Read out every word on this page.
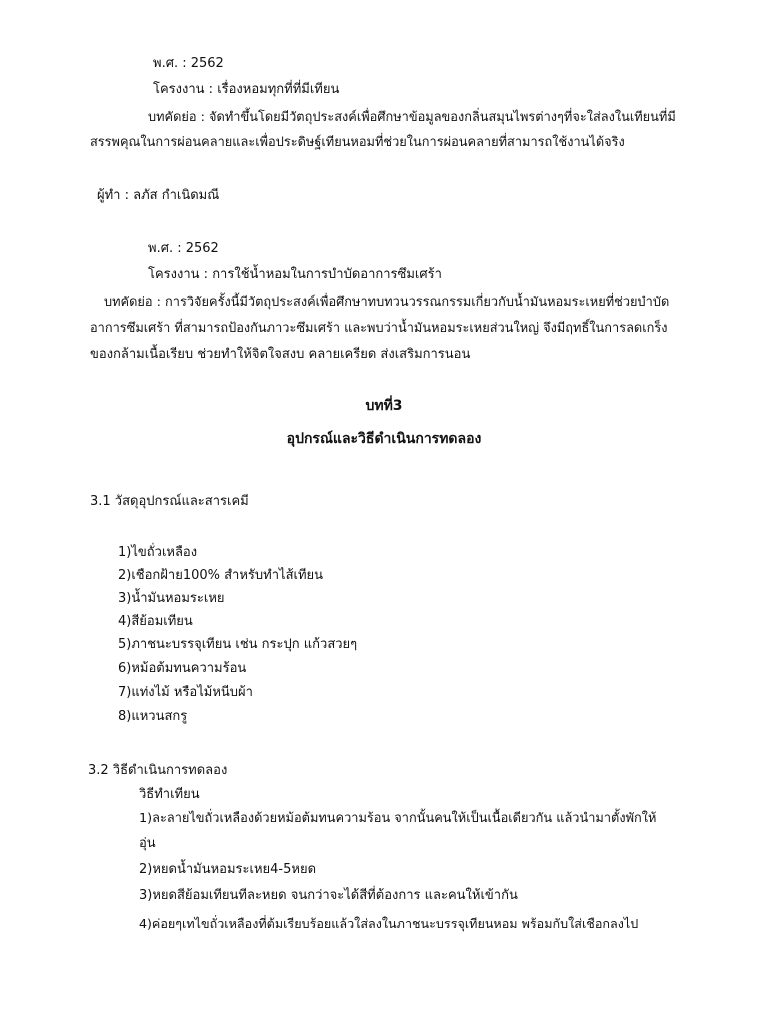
พ.ศ. : 2562
โครงงาน : เรื่องหอมทุกที่ที่มีเทียน
บทคัดย่อ : จัดทำขึ้นโดยมีวัตถุประสงค์เพื่อศึกษาข้อมูลของกลิ่นสมุนไพรต่างๆที่จะใส่ลงในเทียนที่มี
สรรพคุณในการผ่อนคลายและเพื่อประดิษฐ์เทียนหอมที่ช่วยในการผ่อนคลายที่สามารถใช้งานได้จริง
ผู้ทำ : ลภัส กำเนิดมณี
พ.ศ. : 2562
โครงงาน : การใช้น้ำหอมในการบำบัดอาการซึมเศร้า
บทคัดย่อ : การวิจัยครั้งนี้มีวัตถุประสงค์เพื่อศึกษาทบทวนวรรณกรรมเกี่ยวกับน้ำมันหอมระเหยที่ช่วยบำบัด
อาการซึมเศร้า ที่สามารถป้องกันภาวะซึมเศร้า และพบว่าน้ำมันหอมระเหยส่วนใหญ่ จึงมีฤทธิ์ในการลดเกร็ง
ของกล้ามเนื้อเรียบ ช่วยทำให้จิตใจสงบ คลายเครียด ส่งเสริมการนอน
บทที่3
อุปกรณ์และวิธีดำเนินการทดลอง
3.1 วัสดุอุปกรณ์และสารเคมี
1)ไขถั่วเหลือง
2)เชือกฝ้าย100% สำหรับทำไส้เทียน
3)น้ำมันหอมระเหย
4)สีย้อมเทียน
5)ภาชนะบรรจุเทียน เช่น กระปุก แก้วสวยๆ
6)หม้อต้มทนความร้อน
7)แท่งไม้ หรือไม้หนีบผ้า
8)แหวนสกรู
3.2 วิธีดำเนินการทดลอง
วิธีทำเทียน
1)ละลายไขถั่วเหลืองด้วยหม้อต้มทนความร้อน จากนั้นคนให้เป็นเนื้อเดียวกัน แล้วนำมาตั้งพักให้
อุ่น
2)หยดน้ำมันหอมระเหย4-5หยด
3)หยดสีย้อมเทียนทีละหยด จนกว่าจะได้สีที่ต้องการ และคนให้เข้ากัน
4)ค่อยๆเทไขถั่วเหลืองที่ต้มเรียบร้อยแล้วใส่ลงในภาชนะบรรจุเทียนหอม พร้อมกับใส่เชือกลงไป
